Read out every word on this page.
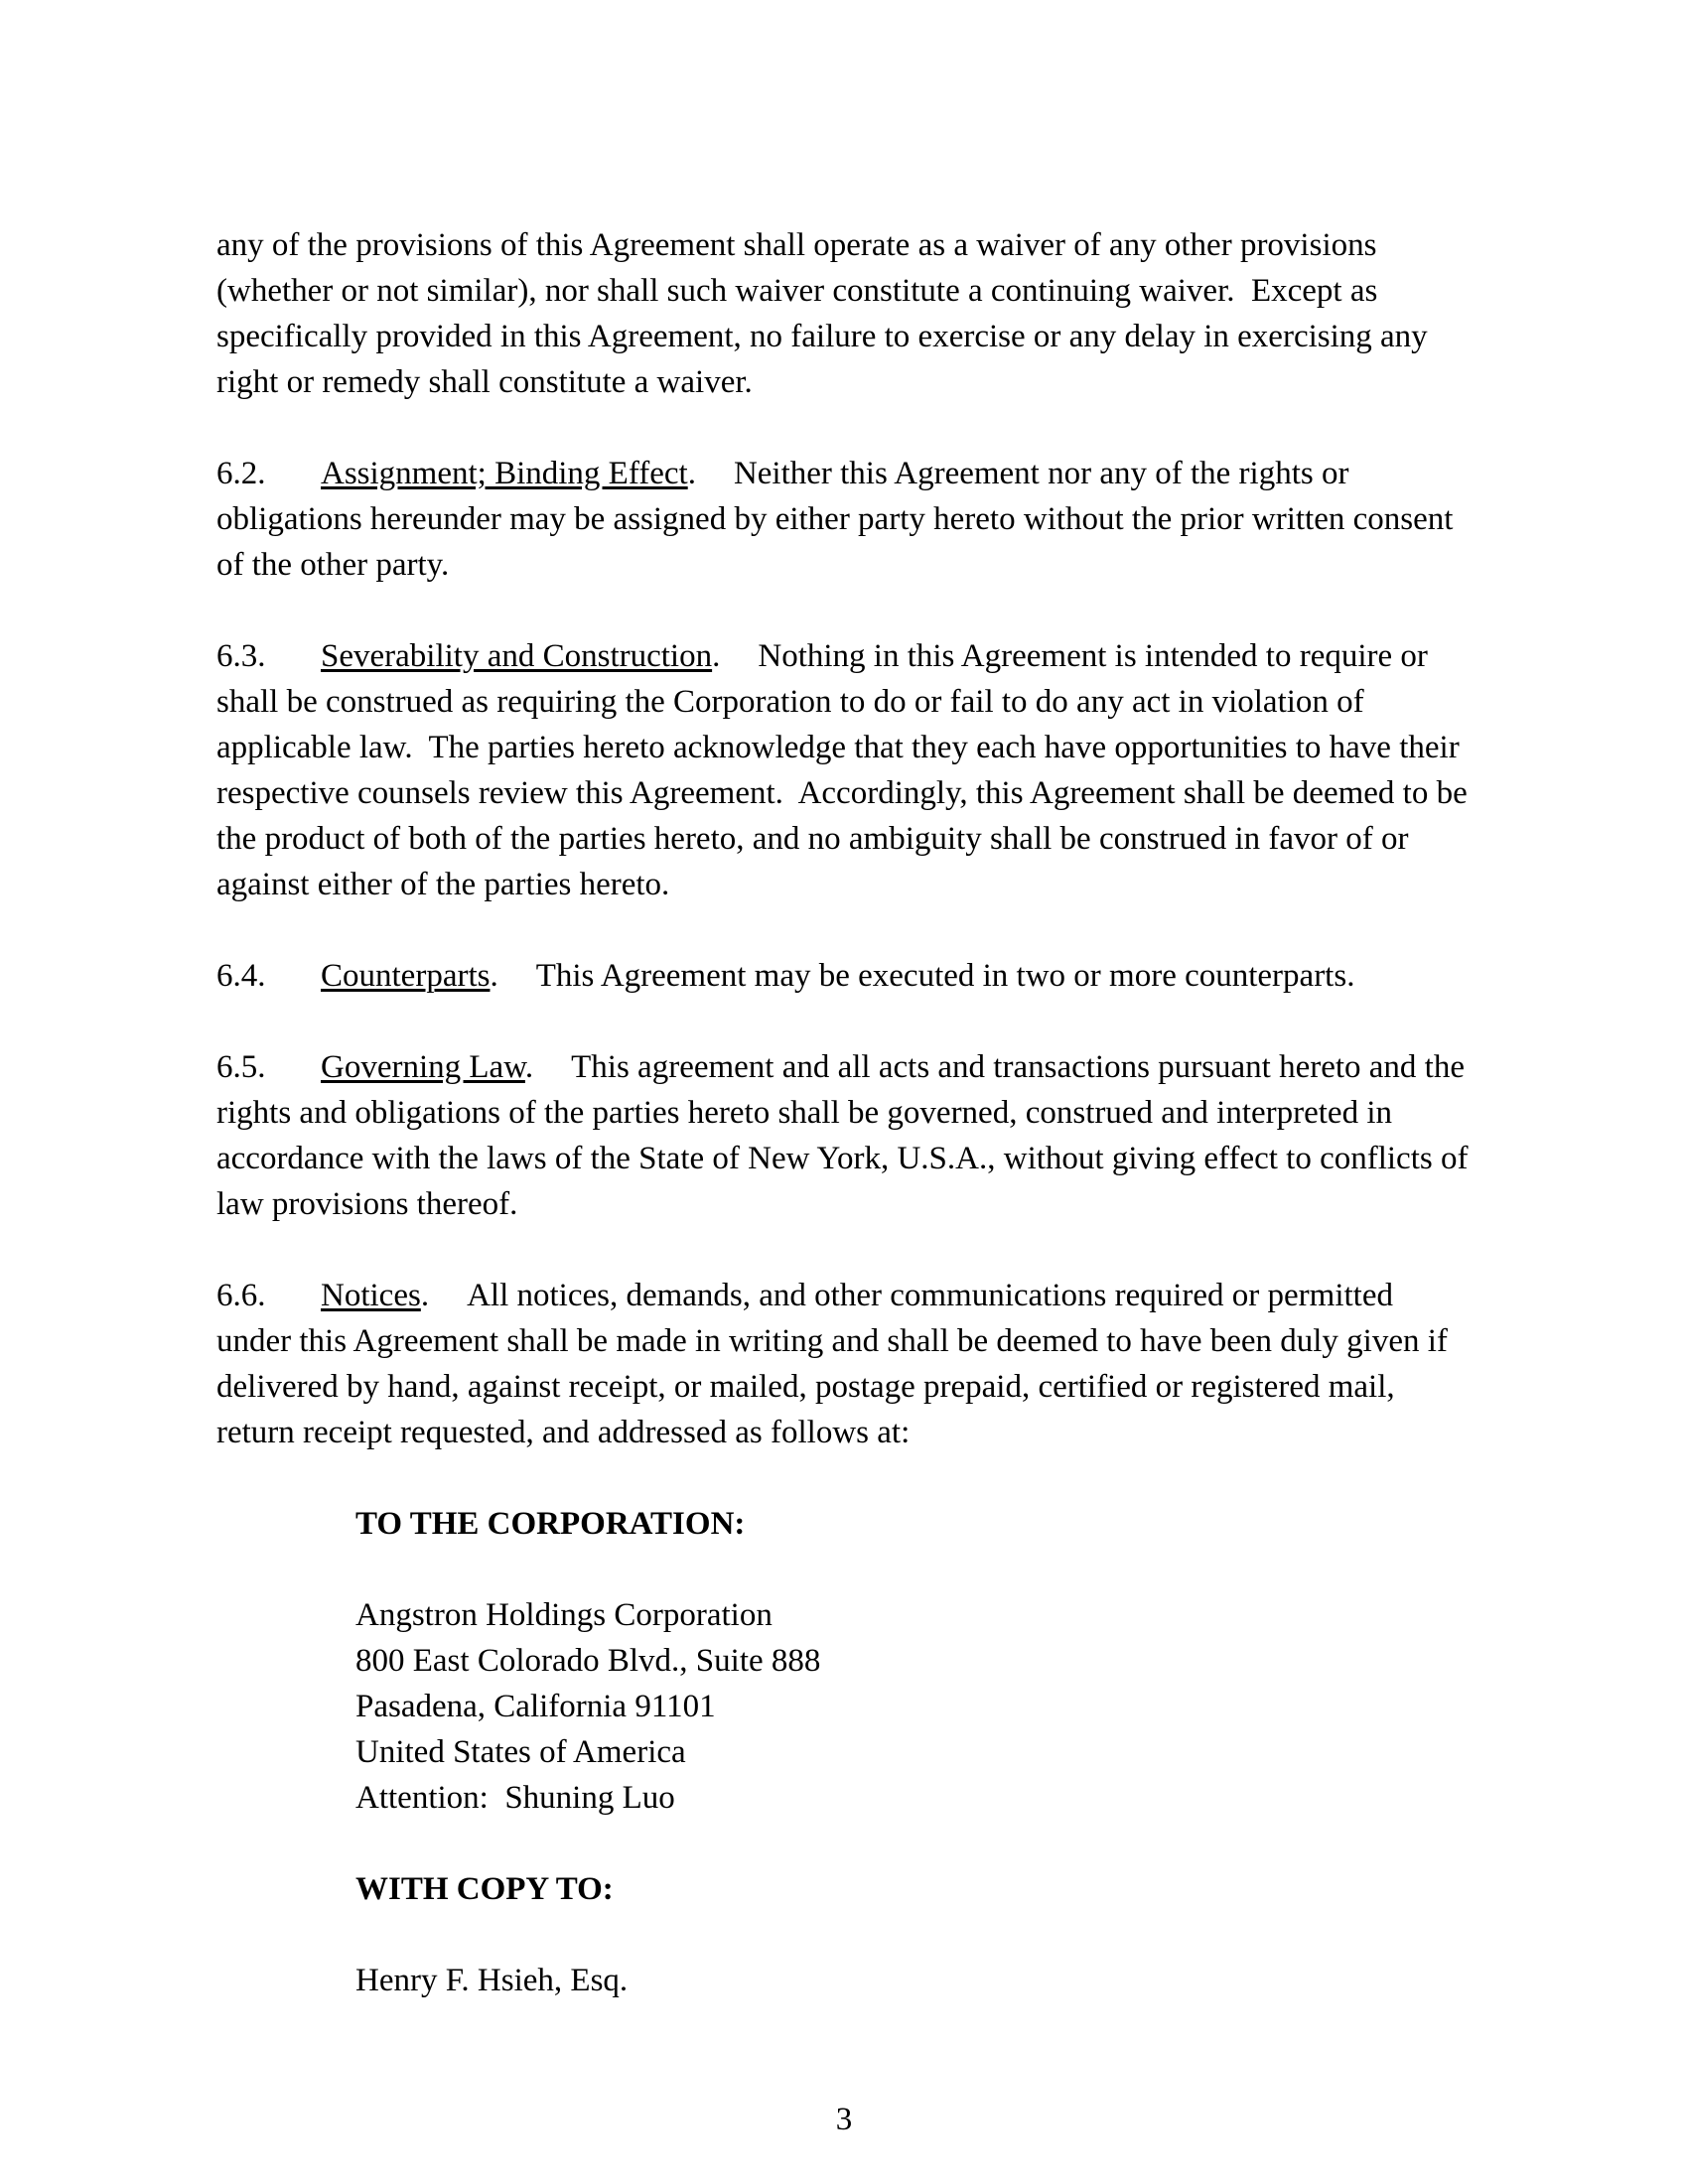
any of the provisions of this Agreement shall operate as a waiver of any other provisions (whether or not similar), nor shall such waiver constitute a continuing waiver.  Except as specifically provided in this Agreement, no failure to exercise or any delay in exercising any right or remedy shall constitute a waiver.

6.2. Assignment; Binding Effect. Neither this Agreement nor any of the rights or obligations hereunder may be assigned by either party hereto without the prior written consent of the other party.

6.3. Severability and Construction. Nothing in this Agreement is intended to require or shall be construed as requiring the Corporation to do or fail to do any act in violation of applicable law.  The parties hereto acknowledge that they each have opportunities to have their respective counsels review this Agreement.  Accordingly, this Agreement shall be deemed to be the product of both of the parties hereto, and no ambiguity shall be construed in favor of or against either of the parties hereto.

6.4. Counterparts. This Agreement may be executed in two or more counterparts.

6.5. Governing Law. This agreement and all acts and transactions pursuant hereto and the rights and obligations of the parties hereto shall be governed, construed and interpreted in accordance with the laws of the State of New York, U.S.A., without giving effect to conflicts of law provisions thereof.

6.6. Notices. All notices, demands, and other communications required or permitted under this Agreement shall be made in writing and shall be deemed to have been duly given if delivered by hand, against receipt, or mailed, postage prepaid, certified or registered mail, return receipt requested, and addressed as follows at:

TO THE CORPORATION:

Angstron Holdings Corporation

800 East Colorado Blvd., Suite 888

Pasadena, California 91101

United States of America

Attention:  Shuning Luo

WITH COPY TO:

Henry F. Hsieh, Esq.

3
